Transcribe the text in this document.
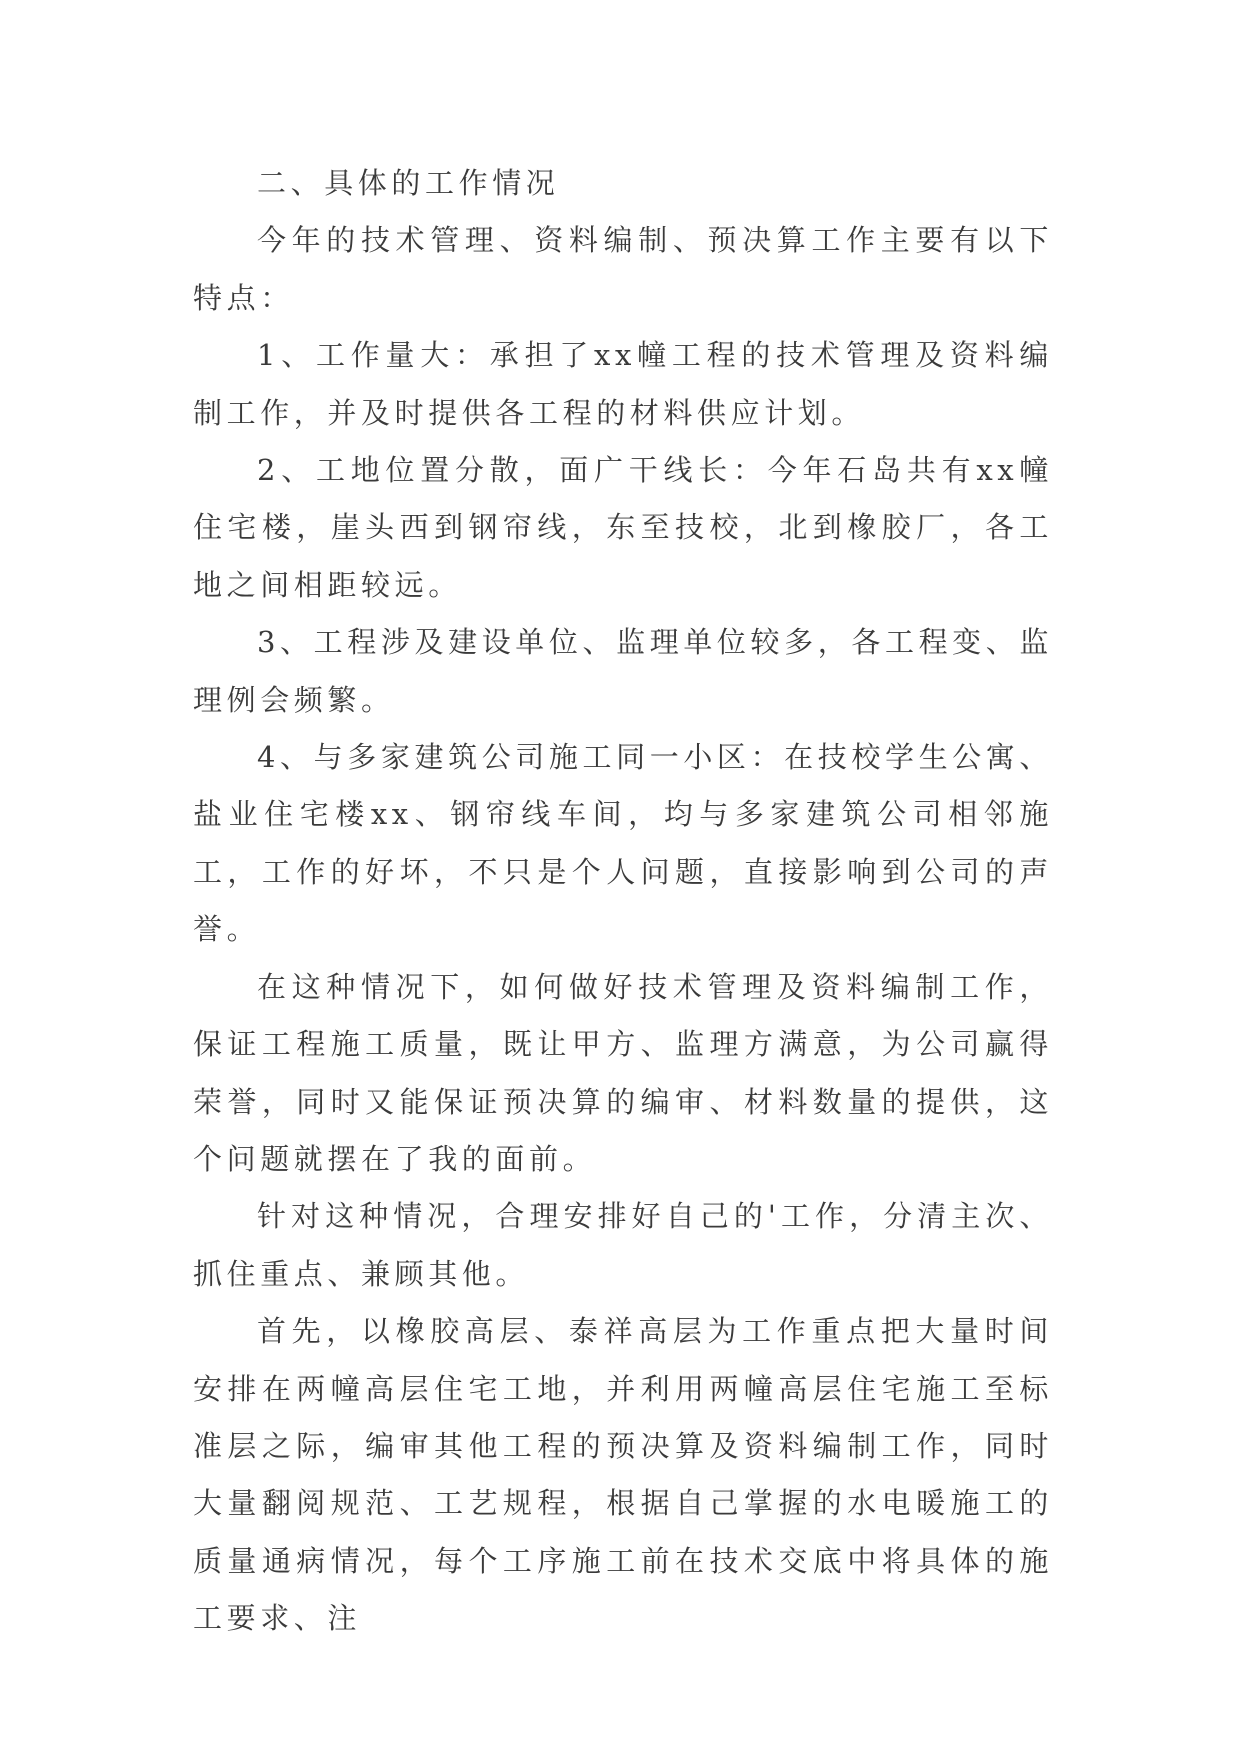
二、具体的工作情况

今年的技术管理、资料编制、预决算工作主要有以下特点：

1、工作量大：承担了xx幢工程的技术管理及资料编制工作，并及时提供各工程的材料供应计划。

2、工地位置分散，面广干线长：今年石岛共有xx幢住宅楼，崖头西到钢帘线，东至技校，北到橡胶厂，各工地之间相距较远。

3、工程涉及建设单位、监理单位较多，各工程变、监理例会频繁。

4、与多家建筑公司施工同一小区：在技校学生公寓、盐业住宅楼xx、钢帘线车间，均与多家建筑公司相邻施工，工作的好坏，不只是个人问题，直接影响到公司的声誉。

在这种情况下，如何做好技术管理及资料编制工作，保证工程施工质量，既让甲方、监理方满意，为公司赢得荣誉，同时又能保证预决算的编审、材料数量的提供，这个问题就摆在了我的面前。

针对这种情况，合理安排好自己的'工作，分清主次、抓住重点、兼顾其他。

首先，以橡胶高层、泰祥高层为工作重点把大量时间安排在两幢高层住宅工地，并利用两幢高层住宅施工至标准层之际，编审其他工程的预决算及资料编制工作，同时大量翻阅规范、工艺规程，根据自己掌握的水电暖施工的质量通病情况，每个工序施工前在技术交底中将具体的施工要求、注
